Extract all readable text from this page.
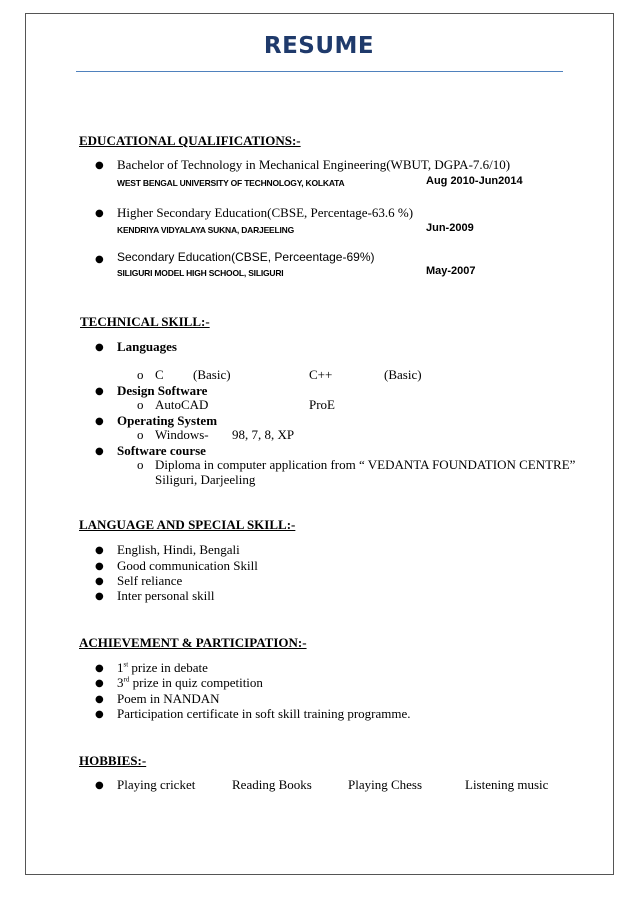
RESUME
EDUCATIONAL QUALIFICATIONS:-
● Bachelor of Technology in Mechanical Engineering(WBUT, DGPA-7.6/10)
WEST BENGAL UNIVERSITY OF TECHNOLOGY, KOLKATA	Aug 2010-Jun2014
● Higher Secondary Education(CBSE, Percentage-63.6 %)
KENDRIYA VIDYALAYA SUKNA, DARJEELING	Jun-2009
● Secondary Education(CBSE, Perceentage-69%)
SILIGURI MODEL HIGH SCHOOL, SILIGURI	May-2007
TECHNICAL SKILL:-
● Languages
o C (Basic)	C++	(Basic)
● Design Software
o AutoCAD	ProE
● Operating System
o Windows- 98, 7, 8, XP
● Software course
o Diploma in computer application from “ VEDANTA FOUNDATION CENTRE”
Siliguri, Darjeeling
LANGUAGE AND SPECIAL SKILL:-
● English, Hindi, Bengali
● Good communication Skill
● Self reliance
● Inter personal skill
ACHIEVEMENT & PARTICIPATION:-
● 1st prize in debate
● 3rd prize in quiz competition
● Poem in NANDAN
● Participation certificate in soft skill training programme.
HOBBIES:-
● Playing cricket	Reading Books	Playing Chess	Listening music
